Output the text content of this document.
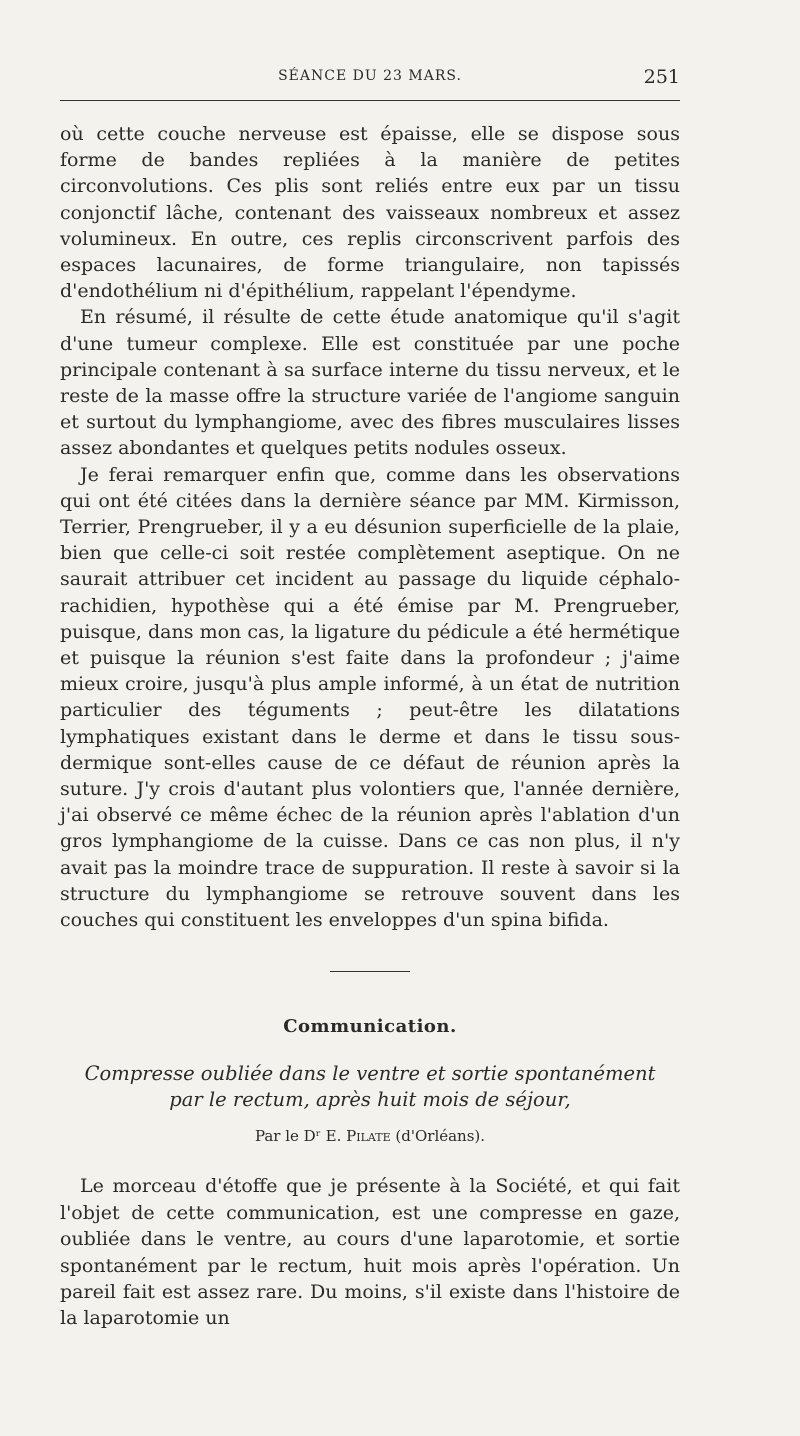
SÉANCE DU 23 MARS.	251

où cette couche nerveuse est épaisse, elle se dispose sous forme de bandes repliées à la manière de petites circonvolutions. Ces plis sont reliés entre eux par un tissu conjonctif lâche, contenant des vaisseaux nombreux et assez volumineux. En outre, ces replis circonscrivent parfois des espaces lacunaires, de forme triangulaire, non tapissés d'endothélium ni d'épithélium, rappelant l'épendyme.

En résumé, il résulte de cette étude anatomique qu'il s'agit d'une tumeur complexe. Elle est constituée par une poche principale contenant à sa surface interne du tissu nerveux, et le reste de la masse offre la structure variée de l'angiome sanguin et surtout du lymphangiome, avec des fibres musculaires lisses assez abondantes et quelques petits nodules osseux.

Je ferai remarquer enfin que, comme dans les observations qui ont été citées dans la dernière séance par MM. Kirmisson, Terrier, Prengrueber, il y a eu désunion superficielle de la plaie, bien que celle-ci soit restée complètement aseptique. On ne saurait attribuer cet incident au passage du liquide céphalo-rachidien, hypothèse qui a été émise par M. Prengrueber, puisque, dans mon cas, la ligature du pédicule a été hermétique et puisque la réunion s'est faite dans la profondeur ; j'aime mieux croire, jusqu'à plus ample informé, à un état de nutrition particulier des téguments ; peut-être les dilatations lymphatiques existant dans le derme et dans le tissu sous-dermique sont-elles cause de ce défaut de réunion après la suture. J'y crois d'autant plus volontiers que, l'année dernière, j'ai observé ce même échec de la réunion après l'ablation d'un gros lymphangiome de la cuisse. Dans ce cas non plus, il n'y avait pas la moindre trace de suppuration. Il reste à savoir si la structure du lymphangiome se retrouve souvent dans les couches qui constituent les enveloppes d'un spina bifida.

Communication.
Compresse oubliée dans le ventre et sortie spontanément
par le rectum, après huit mois de séjour,
Par le Dʳ E. Pilate (d'Orléans).

Le morceau d'étoffe que je présente à la Société, et qui fait l'objet de cette communication, est une compresse en gaze, oubliée dans le ventre, au cours d'une laparotomie, et sortie spontanément par le rectum, huit mois après l'opération. Un pareil fait est assez rare. Du moins, s'il existe dans l'histoire de la laparotomie un
